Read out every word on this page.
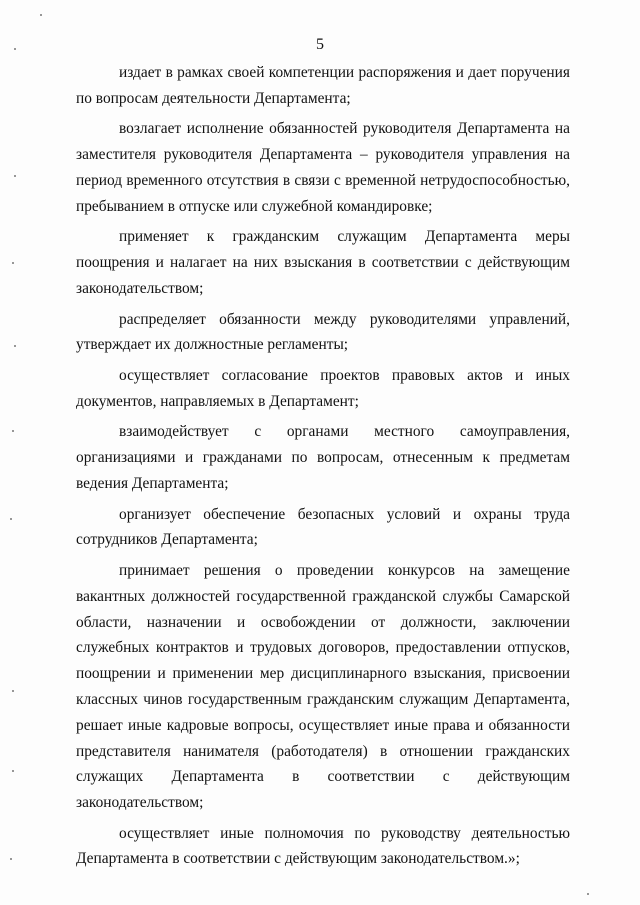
5

издает в рамках своей компетенции распоряжения и дает поручения по вопросам деятельности Департамента;

возлагает исполнение обязанностей руководителя Департамента на заместителя руководителя Департамента – руководителя управления на период временного отсутствия в связи с временной нетрудоспособностью, пребыванием в отпуске или служебной командировке;

применяет к гражданским служащим Департамента меры поощрения и налагает на них взыскания в соответствии с действующим законодательством;

распределяет обязанности между руководителями управлений, утверждает их должностные регламенты;

осуществляет согласование проектов правовых актов и иных документов, направляемых в Департамент;

взаимодействует с органами местного самоуправления, организациями и гражданами по вопросам, отнесенным к предметам ведения Департамента;

организует обеспечение безопасных условий и охраны труда сотрудников Департамента;

принимает решения о проведении конкурсов на замещение вакантных должностей государственной гражданской службы Самарской области, назначении и освобождении от должности, заключении служебных контрактов и трудовых договоров, предоставлении отпусков, поощрении и применении мер дисциплинарного взыскания, присвоении классных чинов государственным гражданским служащим Департамента, решает иные кадровые вопросы, осуществляет иные права и обязанности представителя нанимателя (работодателя) в отношении гражданских служащих Департамента в соответствии с действующим законодательством;

осуществляет иные полномочия по руководству деятельностью Департамента в соответствии с действующим законодательством.»;
